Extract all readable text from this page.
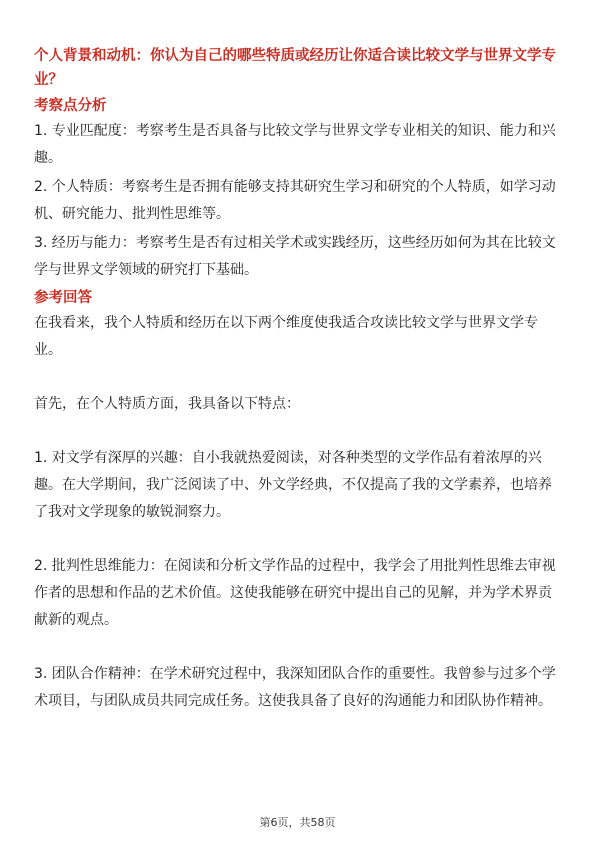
个人背景和动机：你认为自己的哪些特质或经历让你适合读比较文学与世界文学专业？

考察点分析

1. 专业匹配度：考察考生是否具备与比较文学与世界文学专业相关的知识、能力和兴趣。

2. 个人特质：考察考生是否拥有能够支持其研究生学习和研究的个人特质，如学习动机、研究能力、批判性思维等。

3. 经历与能力：考察考生是否有过相关学术或实践经历，这些经历如何为其在比较文学与世界文学领域的研究打下基础。

参考回答

在我看来，我个人特质和经历在以下两个维度使我适合攻读比较文学与世界文学专业。

首先，在个人特质方面，我具备以下特点：

1. 对文学有深厚的兴趣：自小我就热爱阅读，对各种类型的文学作品有着浓厚的兴趣。在大学期间，我广泛阅读了中、外文学经典，不仅提高了我的文学素养，也培养了我对文学现象的敏锐洞察力。

2. 批判性思维能力：在阅读和分析文学作品的过程中，我学会了用批判性思维去审视作者的思想和作品的艺术价值。这使我能够在研究中提出自己的见解，并为学术界贡献新的观点。

3. 团队合作精神：在学术研究过程中，我深知团队合作的重要性。我曾参与过多个学术项目，与团队成员共同完成任务。这使我具备了良好的沟通能力和团队协作精神。

第6页，共58页
